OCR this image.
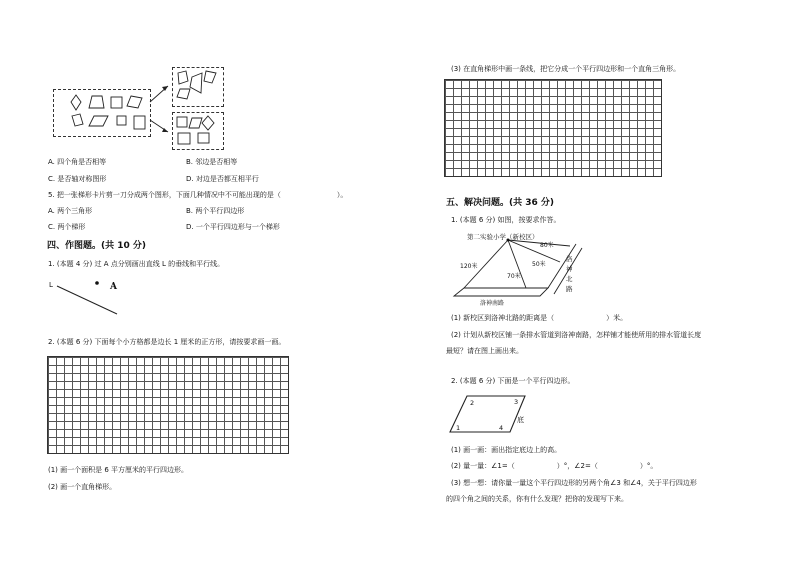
A. 四个角是否相等	B. 邻边是否相等
C. 是否轴对称图形	D. 对边是否都互相平行
5. 把一张梯形卡片剪一刀分成两个图形，下面几种情况中不可能出现的是（	）。
A. 两个三角形	B. 两个平行四边形
C. 两个梯形	D. 一个平行四边形与一个梯形
四、作图题。(共 10 分)
1. (本题 4 分) 过 A 点分别画出直线 L 的垂线和平行线。
L	A
2. (本题 6 分) 下面每个小方格都是边长 1 厘米的正方形，请按要求画一画。
(1) 画一个面积是 6 平方厘米的平行四边形。
(2) 画一个直角梯形。
(3) 在直角梯形中画一条线，把它分成一个平行四边形和一个直角三角形。
五、解决问题。(共 36 分)
1. (本题 6 分) 如图，按要求作答。
第二实验小学（新校区）
80米
120米	50米
70米
洛神南路
洛神北路
(1) 新校区到洛神北路的距离是（	）米。
(2) 计划从新校区铺一条排水管道到洛神南路，怎样铺才能使所用的排水管道长度
最短？请在图上画出来。
2. (本题 6 分) 下面是一个平行四边形。
1
2	3
4
底
(1) 画一画：画出指定底边上的高。
(2) 量一量：∠1=（	）°，∠2=（	）°。
(3) 想一想：请你量一量这个平行四边形的另两个角∠3 和∠4，关于平行四边形
的四个角之间的关系，你有什么发现？把你的发现写下来。
